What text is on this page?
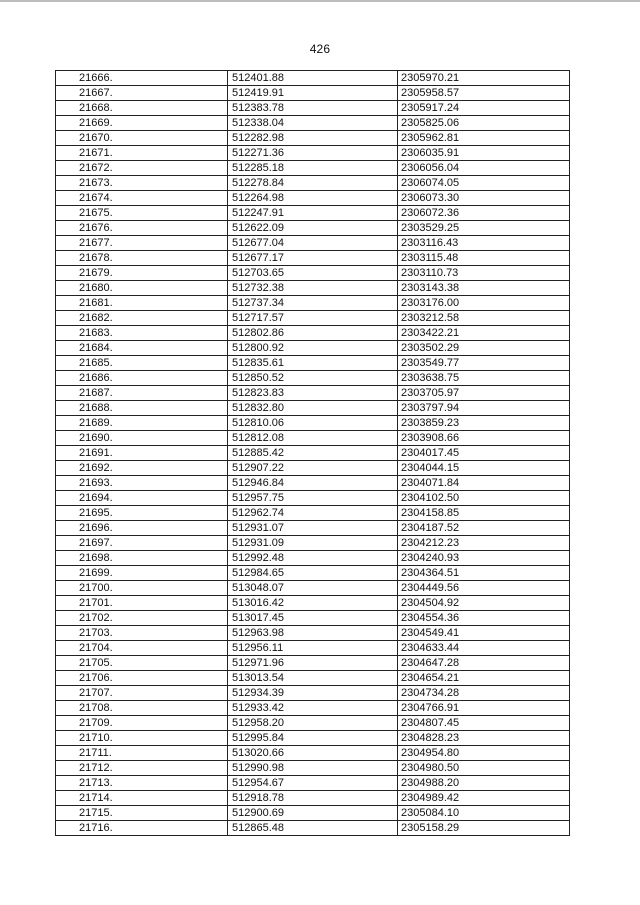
426
21666.	512401.88	2305970.21
21667.	512419.91	2305958.57
21668.	512383.78	2305917.24
21669.	512338.04	2305825.06
21670.	512282.98	2305962.81
21671.	512271.36	2306035.91
21672.	512285.18	2306056.04
21673.	512278.84	2306074.05
21674.	512264.98	2306073.30
21675.	512247.91	2306072.36
21676.	512622.09	2303529.25
21677.	512677.04	2303116.43
21678.	512677.17	2303115.48
21679.	512703.65	2303110.73
21680.	512732.38	2303143.38
21681.	512737.34	2303176.00
21682.	512717.57	2303212.58
21683.	512802.86	2303422.21
21684.	512800.92	2303502.29
21685.	512835.61	2303549.77
21686.	512850.52	2303638.75
21687.	512823.83	2303705.97
21688.	512832.80	2303797.94
21689.	512810.06	2303859.23
21690.	512812.08	2303908.66
21691.	512885.42	2304017.45
21692.	512907.22	2304044.15
21693.	512946.84	2304071.84
21694.	512957.75	2304102.50
21695.	512962.74	2304158.85
21696.	512931.07	2304187.52
21697.	512931.09	2304212.23
21698.	512992.48	2304240.93
21699.	512984.65	2304364.51
21700.	513048.07	2304449.56
21701.	513016.42	2304504.92
21702.	513017.45	2304554.36
21703.	512963.98	2304549.41
21704.	512956.11	2304633.44
21705.	512971.96	2304647.28
21706.	513013.54	2304654.21
21707.	512934.39	2304734.28
21708.	512933.42	2304766.91
21709.	512958.20	2304807.45
21710.	512995.84	2304828.23
21711.	513020.66	2304954.80
21712.	512990.98	2304980.50
21713.	512954.67	2304988.20
21714.	512918.78	2304989.42
21715.	512900.69	2305084.10
21716.	512865.48	2305158.29
